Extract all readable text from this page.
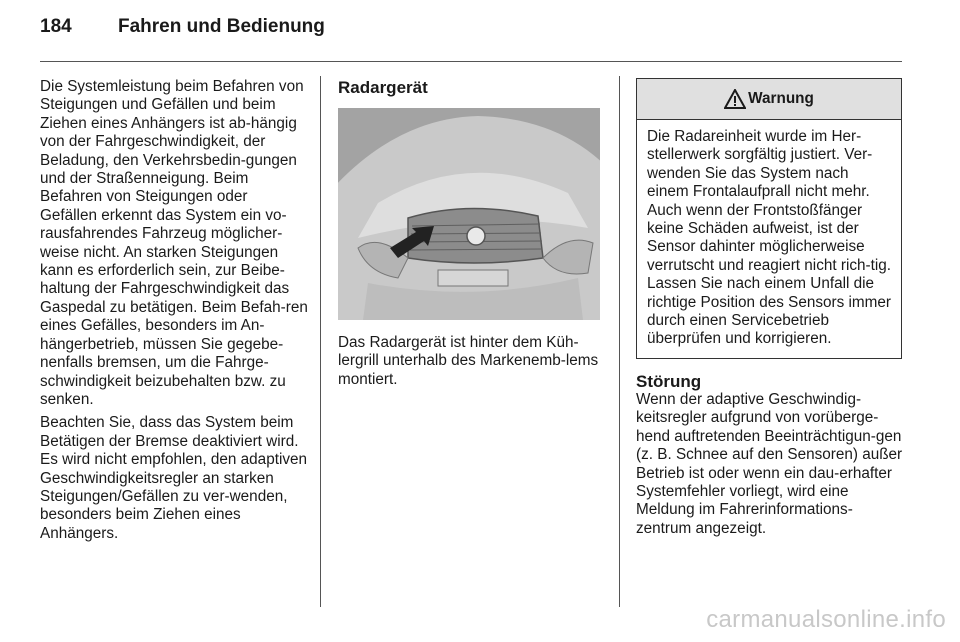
184	Fahren und Bedienung

Die Systemleistung beim Befahren von Steigungen und Gefällen und beim Ziehen eines Anhängers ist ab-hängig von der Fahrgeschwindigkeit, der Beladung, den Verkehrsbedin-gungen und der Straßenneigung. Beim Befahren von Steigungen oder Gefällen erkennt das System ein vo-rausfahrendes Fahrzeug möglicher-weise nicht. An starken Steigungen kann es erforderlich sein, zur Beibe-haltung der Fahrgeschwindigkeit das Gaspedal zu betätigen. Beim Befah-ren eines Gefälles, besonders im An-hängerbetrieb, müssen Sie gegebe-nenfalls bremsen, um die Fahrge-schwindigkeit beizubehalten bzw. zu senken.

Beachten Sie, dass das System beim Betätigen der Bremse deaktiviert wird. Es wird nicht empfohlen, den adaptiven Geschwindigkeitsregler an starken Steigungen/Gefällen zu ver-wenden, besonders beim Ziehen eines Anhängers.

Radargerät

Das Radargerät ist hinter dem Küh-lergrill unterhalb des Markenemb-lems montiert.

Warnung

Die Radareinheit wurde im Her-stellerwerk sorgfältig justiert. Ver-wenden Sie das System nach einem Frontalaufprall nicht mehr. Auch wenn der Frontstoßfänger keine Schäden aufweist, ist der Sensor dahinter möglicherweise verrutscht und reagiert nicht rich-tig. Lassen Sie nach einem Unfall die richtige Position des Sensors immer durch einen Servicebetrieb überprüfen und korrigieren.

Störung

Wenn der adaptive Geschwindig-keitsregler aufgrund von vorüberge-hend auftretenden Beeinträchtigun-gen (z. B. Schnee auf den Sensoren) außer Betrieb ist oder wenn ein dau-erhafter Systemfehler vorliegt, wird eine Meldung im Fahrerinformations-zentrum angezeigt.

carmanualsonline.info
